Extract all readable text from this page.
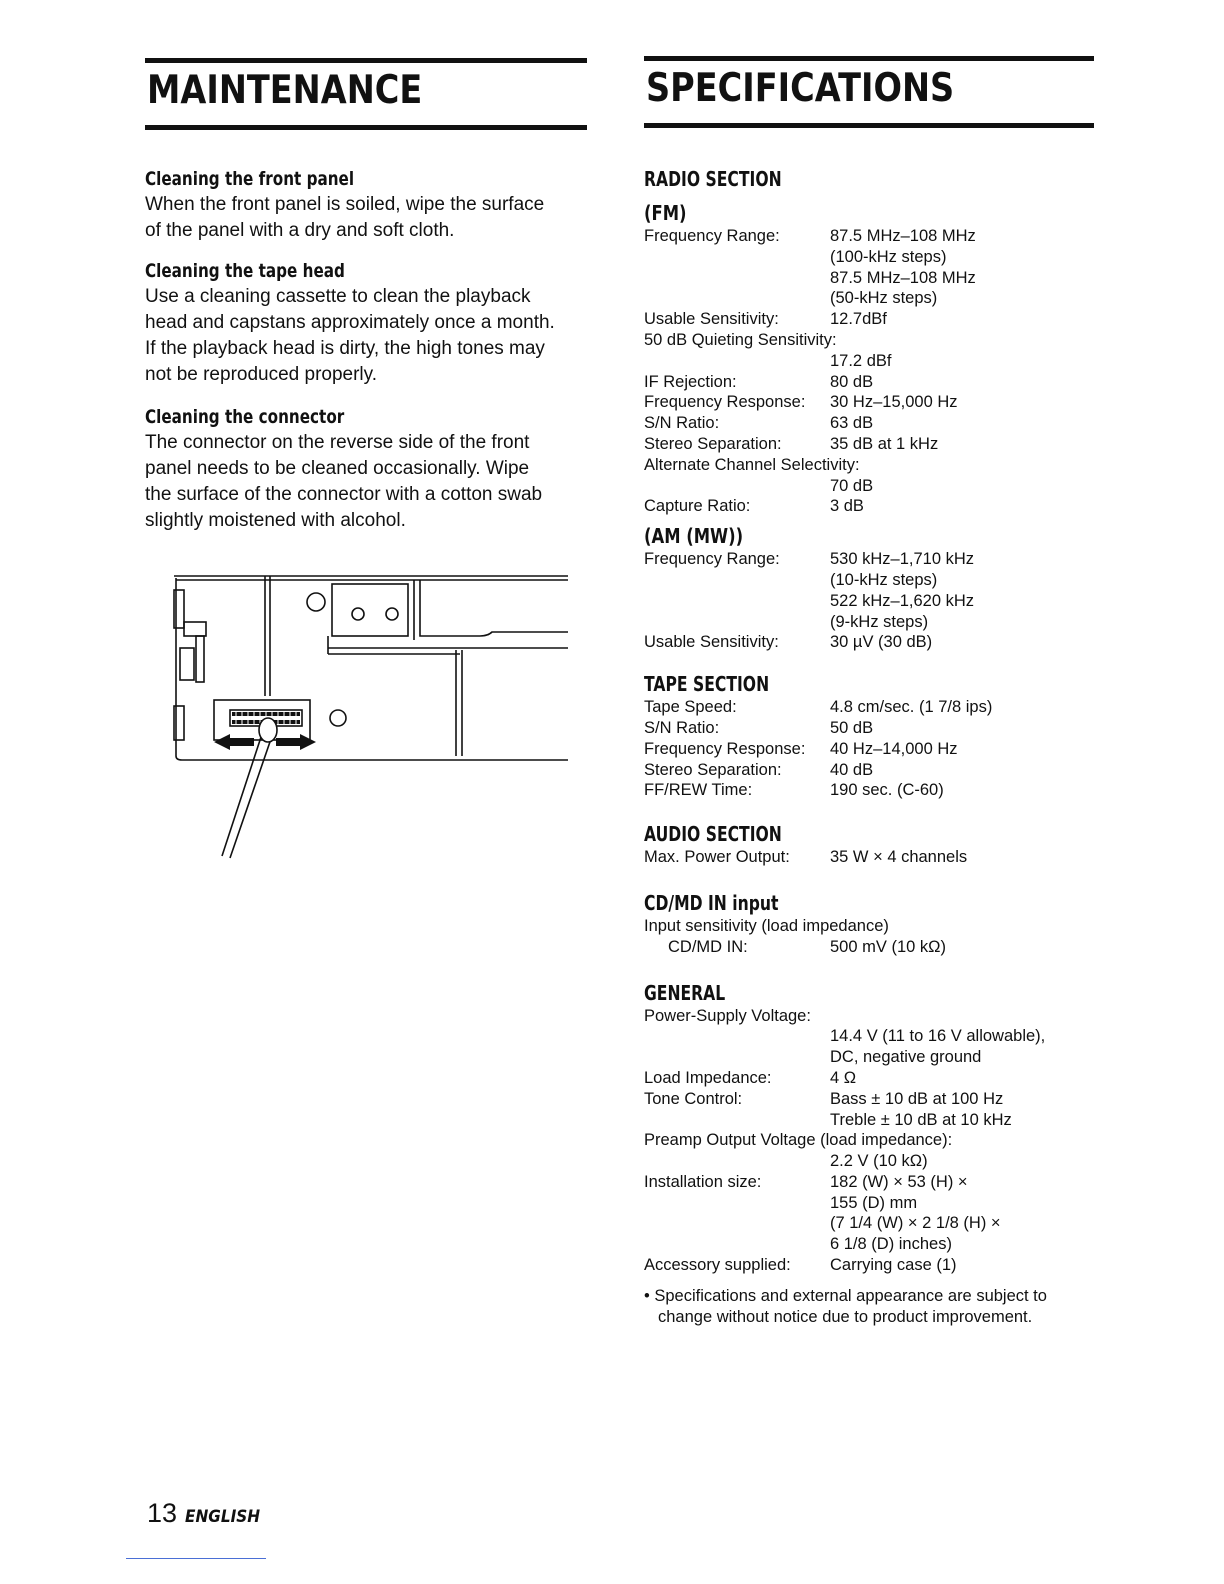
MAINTENANCE
Cleaning the front panel

When the front panel is soiled, wipe the surface
of the panel with a dry and soft cloth.

Cleaning the tape head

Use a cleaning cassette to clean the playback
head and capstans approximately once a month.
If the playback head is dirty, the high tones may
not be reproduced properly.

Cleaning the connector

The connector on the reverse side of the front
panel needs to be cleaned occasionally. Wipe
the surface of the connector with a cotton swab
slightly moistened with alcohol.

SPECIFICATIONS
RADIO SECTION
(FM)
Frequency Range:	87.5 MHz–108 MHz
(100-kHz steps)
87.5 MHz–108 MHz
(50-kHz steps)
Usable Sensitivity:	12.7dBf
50 dB Quieting Sensitivity:
17.2 dBf
IF Rejection:	80 dB
Frequency Response:	30 Hz–15,000 Hz
S/N Ratio:	63 dB
Stereo Separation:	35 dB at 1 kHz
Alternate Channel Selectivity:
70 dB
Capture Ratio:	3 dB
(AM (MW))
Frequency Range:	530 kHz–1,710 kHz
(10-kHz steps)
522 kHz–1,620 kHz
(9-kHz steps)
Usable Sensitivity:	30 µV (30 dB)
TAPE SECTION
Tape Speed:	4.8 cm/sec. (1 7/8 ips)
S/N Ratio:	50 dB
Frequency Response:	40 Hz–14,000 Hz
Stereo Separation:	40 dB
FF/REW Time:	190 sec. (C-60)
AUDIO SECTION
Max. Power Output:	35 W × 4 channels
CD/MD IN input
Input sensitivity (load impedance)
CD/MD IN:	500 mV (10 kΩ)
GENERAL
Power-Supply Voltage:
14.4 V (11 to 16 V allowable),
DC, negative ground
Load Impedance:	4 Ω
Tone Control:	Bass ± 10 dB at 100 Hz
Treble ± 10 dB at 10 kHz
Preamp Output Voltage (load impedance):
2.2 V (10 kΩ)
Installation size:	182 (W) × 53 (H) ×
155 (D) mm
(7 1/4 (W) × 2 1/8 (H) ×
6 1/8 (D) inches)
Accessory supplied:	Carrying case (1)
• Specifications and external appearance are subject to change without notice due to product improvement.
13 ENGLISH
